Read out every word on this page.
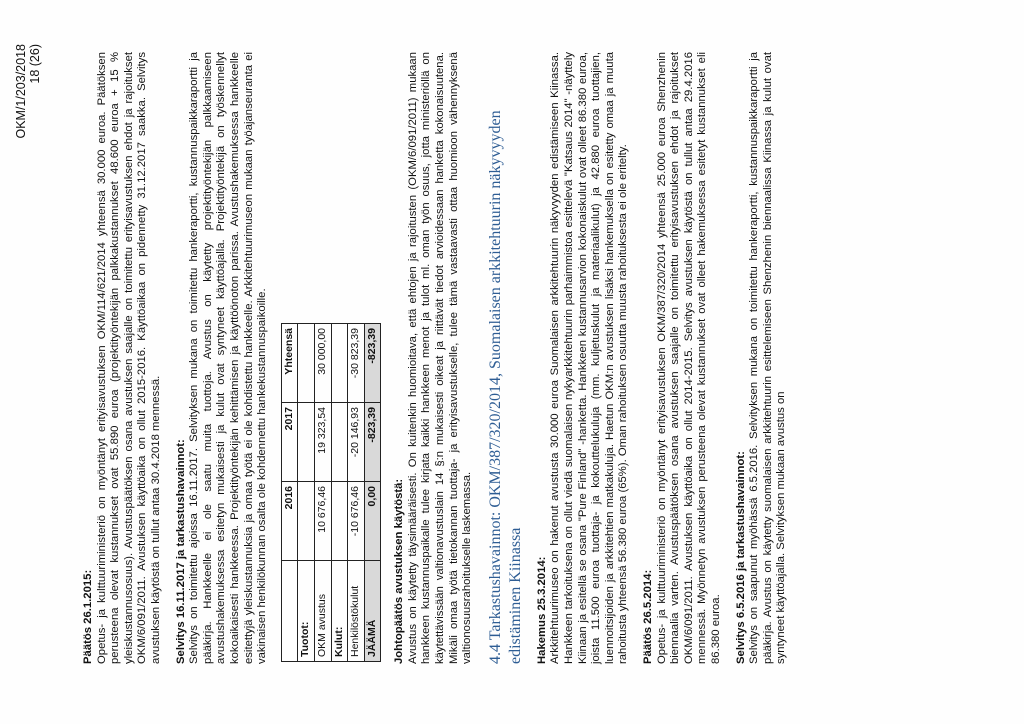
OKM/1/203/2018 18 (26)

Päätös 26.1.2015: Opetus- ja kulttuuriministeriö on myöntänyt erityisavustuksen OKM/114/621/2014 yhteensä 30.000 euroa. Päätöksen perusteena olevat kustannukset ovat 55.890 euroa (projektityöntekijän palkkakustannukset 48.600 euroa + 15 % yleiskustannusosuus). Avustuspäätöksen osana avustuksen saajalle on toimitettu erityisavustuksen ehdot ja rajoitukset OKM/6/091/2011. Avustuksen käyttöaika on ollut 2015-2016. Käyttöaikaa on pidennetty 31.12.2017 saakka. Selvitys avustuksen käytöstä on tullut antaa 30.4.2018 mennessä. Selvitys 16.11.2017 ja tarkastushavainnot: Selvitys on toimitettu ajoissa 16.11.2017. Selvityksen mukana on toimitettu hankeraportti, kustannuspaikkaraportti ja pääkirja. Hankkeelle ei ole saatu muita tuottoja. Avustus on käytetty projektityöntekijän palkkaamiseen avustushakemuksessa esitetyn mukaisesti ja kulut ovat syntyneet käyttöajalla. Projektityöntekijä on työskennellyt kokoaikaisesti hankkeessa. Projektityöntekijän kehittämisen ja käyttöönoton parissa. Avustushakemuksessa hankkeelle esitettyjä yleiskustannuksia ja omaa työtä ei ole kohdistettu hankkeelle. Arkkitehtuurimuseon mukaan työajanseuranta ei vakinaisen henkilökunnan osalta ole kohdennettu hankekustannuspaikoille.

	2016	2017	Yhteensä
Tuotot:			
OKM avustus	10 676,46	19 323,54	30 000,00
Kulut:			
Henkilöstökulut	-10 676,46	-20 146,93	-30 823,39
JÄÄMÄ	0,00	-823,39	-823,39

Johtopäätös avustuksen käytöstä: Avustus on käytetty täysimääräisesti. On kuitenkin huomioitava, että ehtojen ja rajoitusten (OKM/6/091/2011) mukaan hankkeen kustannuspaikalle tulee kirjata kaikki hankkeen menot ja tulot ml. oman työn osuus, jotta ministeriöllä on käytettävissään valtionavustuslain 14 §:n mukaisesti oikeat ja riittävät tiedot arvioidessaan hanketta kokonaisuutena. Mikäli omaa työtä tietokannan tuottaja- ja erityisavustukselle, tulee tämä vastaavasti ottaa huomioon vähennyksenä valtionosuusrahoitukselle laskemassa. 4.4 Tarkastushavainnot: OKM/387/320/2014, Suomalaisen arkkitehtuurin näkyvyyden edistäminen Kiinassa Hakemus 25.3.2014: Arkkitehtuurimuseo on hakenut avustusta 30.000 euroa Suomalaisen arkkitehtuurin näkyvyyden edistämiseen Kiinassa. Hankkeen tarkoituksena on ollut viedä suomalaisen nykyarkkitehtuurin parhaimmistoa esittelevä "Katsaus 2014" -näyttely Kiinaan ja esitellä se osana "Pure Finland" -hanketta. Hankkeen kustannusarvion kokonaiskulut ovat olleet 86.380 euroa, joista 11.500 euroa tuottaja- ja kokouttelukuluja (mm. kuljetuskulut ja materiaalikulut) ja 42.880 euroa tuottajien, luennoitsijoiden ja arkkitehtien matkakuluja. Haetun OKM:n avustuksen lisäksi hankemuksella on esitetty omaa ja muuta rahoitusta yhteensä 56.380 euroa (65%). Oman rahoituksen osuutta muusta rahoituksesta ei ole eritelty. Päätös 26.5.2014: Opetus- ja kulttuuriministeriö on myöntänyt erityisavustuksen OKM/387/320/2014 yhteensä 25.000 euroa Shenzhenin biennaalia varten. Avustuspäätöksen osana avustuksen saajalle on toimitettu erityisavustuksen ehdot ja rajoitukset OKM/6/091/2011. Avustuksen käyttöaika on ollut 2014-2015. Selvitys avustuksen käytöstä on tullut antaa 29.4.2016 mennessä. Myönnetyn avustuksen perusteena olevat kustannukset ovat olleet hakemuksessa esitetyt kustannukset eli 86.380 euroa. Selvitys 6.5.2016 ja tarkastushavainnot: Selvitys on saapunut myöhässä 6.5.2016. Selvityksen mukana on toimitettu hankeraportti, kustannuspaikkaraportti ja pääkirja. Avustus on käytetty suomalaisen arkkitehtuurin esittelemiseen Shenzhenin biennaalissa Kiinassa ja kulut ovat syntyneet käyttöajalla. Selvityksen mukaan avustus on
